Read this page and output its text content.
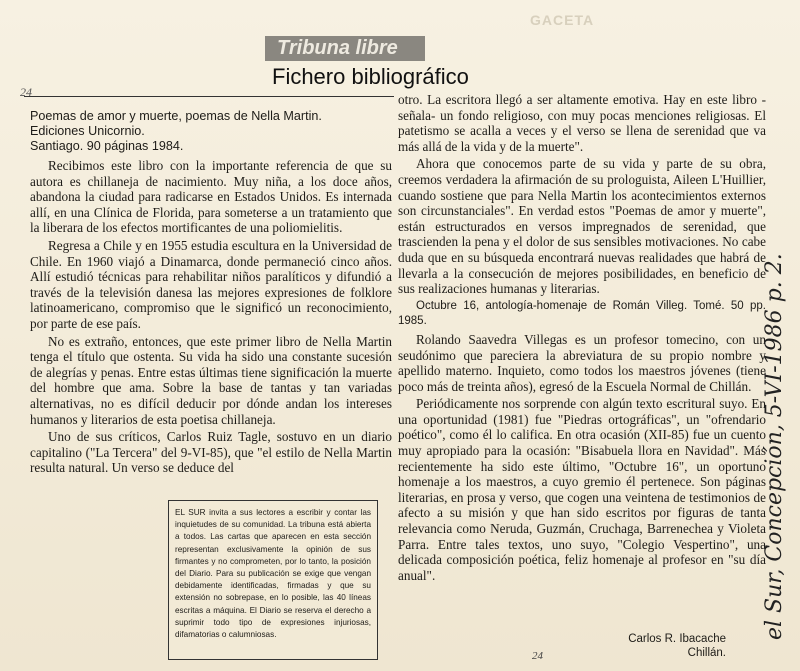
GACETA
Tribuna libre
24
Fichero bibliográfico
Poemas de amor y muerte, poemas de Nella Martin.
Ediciones Unicornio.
Santiago. 90 páginas 1984.

Recibimos este libro con la importante referencia de que su autora es chillaneja de nacimiento. Muy niña, a los doce años, abandona la ciudad para radicarse en Estados Unidos. Es internada allí, en una Clínica de Florida, para someterse a un tratamiento que la liberara de los efectos mortificantes de una poliomielitis.

Regresa a Chile y en 1955 estudia escultura en la Universidad de Chile. En 1960 viajó a Dinamarca, donde permaneció cinco años. Allí estudió técnicas para rehabilitar niños paralíticos y difundió a través de la televisión danesa las mejores expresiones de folklore latinoamericano, compromiso que le significó un reconocimiento, por parte de ese país.

No es extraño, entonces, que este primer libro de Nella Martin tenga el título que ostenta. Su vida ha sido una constante sucesión de alegrías y penas. Entre estas últimas tiene significación la muerte del hombre que ama. Sobre la base de tantas y tan variadas alternativas, no es difícil deducir por dónde andan los intereses humanos y literarios de esta poetisa chillaneja.

Uno de sus críticos, Carlos Ruiz Tagle, sostuvo en un diario capitalino ("La Tercera" del 9-VI-85), que "el estilo de Nella Martin resulta natural. Un verso se deduce del

EL SUR invita a sus lectores a escribir y contar las inquietudes de su comunidad. La tribuna está abierta a todos. Las cartas que aparecen en esta sección representan exclusivamente la opinión de sus firmantes y no comprometen, por lo tanto, la posición del Diario. Para su publicación se exige que vengan debidamente identificadas, firmadas y que su extensión no sobrepase, en lo posible, las 40 líneas escritas a máquina. El Diario se reserva el derecho a suprimir todo tipo de expresiones injuriosas, difamatorias o calumniosas.

otro. La escritora llegó a ser altamente emotiva. Hay en este libro -señala- un fondo religioso, con muy pocas menciones religiosas. El patetismo se acalla a veces y el verso se llena de serenidad que va más allá de la vida y de la muerte".

Ahora que conocemos parte de su vida y parte de su obra, creemos verdadera la afirmación de su prologuista, Aileen L'Huillier, cuando sostiene que para Nella Martin los acontecimientos externos son circunstanciales". En verdad estos "Poemas de amor y muerte", están estructurados en versos impregnados de serenidad, que trascienden la pena y el dolor de sus sensibles motivaciones. No cabe duda que en su búsqueda encontrará nuevas realidades que habrá de llevarla a la consecución de mejores posibilidades, en beneficio de sus realizaciones humanas y literarias.

Octubre 16, antología-homenaje de Román Villeg. Tomé. 50 pp. 1985.

Rolando Saavedra Villegas es un profesor tomecino, con un seudónimo que pareciera la abreviatura de su propio nombre y apellido materno. Inquieto, como todos los maestros jóvenes (tiene poco más de treinta años), egresó de la Escuela Normal de Chillán.

Periódicamente nos sorprende con algún texto escritural suyo. En una oportunidad (1981) fue "Piedras ortográficas", un "ofrendario poético", como él lo califica. En otra ocasión (XII-85) fue un cuento muy apropiado para la ocasión: "Bisabuela llora en Navidad". Más recientemente ha sido este último, "Octubre 16", un oportuno homenaje a los maestros, a cuyo gremio él pertenece. Son páginas literarias, en prosa y verso, que cogen una veintena de testimonios de afecto a su misión y que han sido escritos por figuras de tanta relevancia como Neruda, Guzmán, Cruchaga, Barrenechea y Violeta Parra. Entre tales textos, uno suyo, "Colegio Vespertino", una delicada composición poética, feliz homenaje al profesor en "su día anual".

Carlos R. Ibacache
Chillán.
24
el Sur, Concepción, 5-VI-1986 p. 2.
